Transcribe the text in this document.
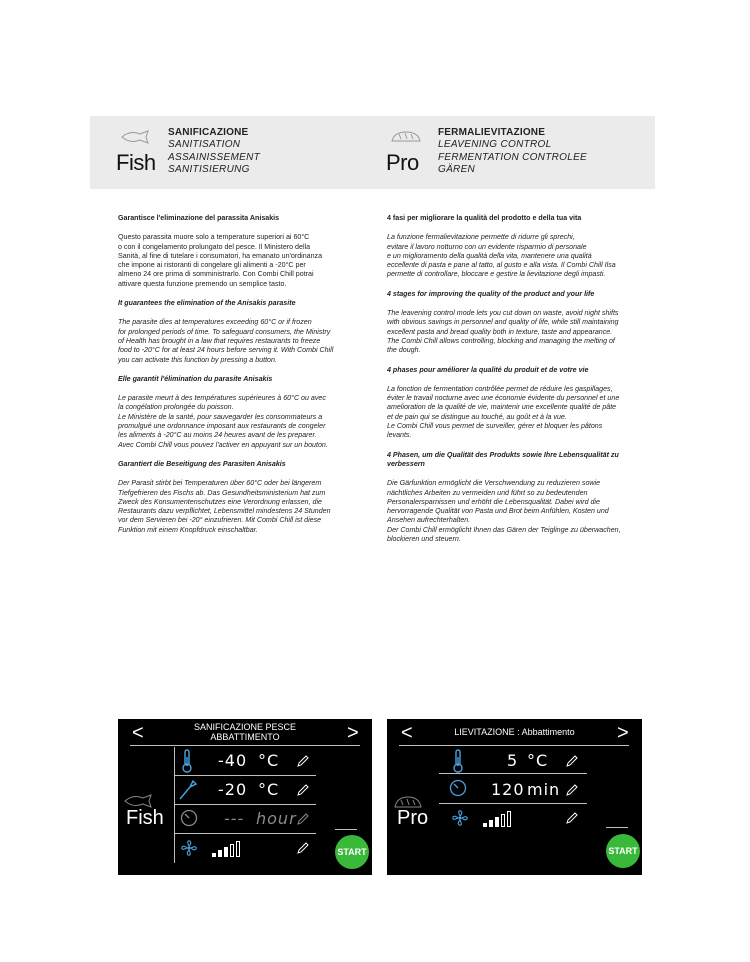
Fish
SANIFICAZIONE
SANITISATION
ASSAINISSEMENT
SANITISIERUNG	Pro
FERMALIEVITAZIONE
LEAVENING CONTROL
FERMENTATION CONTROLEE
GÄREN
Garantisce l'eliminazione del parassita Anisakis

Questo parassita muore solo a temperature superiori ai 60°C
o con il congelamento prolungato del pesce. Il Ministero della
Sanità, al fine di tutelare i consumatori, ha emanato un'ordinanza
che impone ai ristoranti di congelare gli alimenti a -20°C per
almeno 24 ore prima di somministrarlo. Con Combi Chill potrai
attivare questa funzione premendo un semplice tasto.

It guarantees the elimination of the Anisakis parasite

The parasite dies at temperatures exceeding 60°C or if frozen
for prolonged periods of time. To safeguard consumers, the Ministry
of Health has brought in a law that requires restaurants to freeze
food to -20°C for at least 24 hours before serving it. With Combi Chill
you can activate this function by pressing a button.

Elle garantit l'élimination du parasite Anisakis

Le parasite meurt à des températures supérieures à 60°C ou avec
la congélation prolongée du poisson.
Le Ministère de la santé, pour sauvegarder les consommateurs a
promulgué une ordonnance imposant aux restaurants de congeler
les aliments à -20°C au moins 24 heures avant de les preparer.
Avec Combi Chill vous pouvez l'activer en appuyant sur un bouton.

Garantiert die Beseitigung des Parasiten Anisakis

Der Parasit stirbt bei Temperaturen über 60°C oder bei längerem
Tiefgefrieren des Fischs ab. Das Gesundheitsministerium hat zum
Zweck des Konsumentenschutzes eine Verordnung erlassen, die
Restaurants dazu verpflichtet, Lebensmittel mindestens 24 Stunden
vor dem Servieren bei -20° einzufrieren. Mit Combi Chill ist diese
Funktion mit einem Knopfdruck einschaltbar.

4 fasi per migliorare la qualità del prodotto e della tua vita

La funzione fermalievitazione permette di ridurre gli sprechi,
evitare il lavoro notturno con un evidente risparmio di personale
e un miglioramento della qualità della vita, mantenere una qualità
eccellente di pasta e pane al tatto, al gusto e alla vista. Il Combi Chill Ilsa
permette di controllare, bloccare e gestire la lievitazione degli impasti.

4 stages for improving the quality of the product and your life

The leavening control mode lets you cut down on waste, avoid night shifts
with obvious savings in personnel and quality of life, while still maintaining
excellent pasta and bread quality both in texture, taste and appearance.
The Combi Chill allows controlling, blocking and managing the melting of
the dough.

4 phases pour améliorer la qualité du produit et de votre vie

La fonction de fermentation contrôlée permet de réduire les gaspillages,
éviter le travail nocturne avec une économie évidente du personnel et une
amelioration de la qualité de vie, maintenir une excellente qualité de pâte
et de pain qui se distingue au touché, au goût et à la vue.
Le Combi Chill vous permet de surveiller, gérer et bloquer les pâtons
levants.

4 Phasen, um die Qualität des Produkts sowie Ihre Lebensqualität zu
verbessern

Die Gärfunktion ermöglicht die Verschwendung zu reduzieren sowie
nächtliches Arbeiten zu vermeiden und führt so zu bedeutenden
Personalersparnissen und erhöht die Lebensqualität. Dabei wird die
hervorragende Qualität von Pasta und Brot beim Anfühlen, Kosten und
Ansehen aufrechterhalten.
Der Combi Chill ermöglicht Ihnen das Gären der Teiglinge zu überwachen,
blockieren und steuern.

SANIFICAZIONE PESCE
ABBATTIMENTO
<	>
-40 °C
-20 °C
--- hour
Fish
START
LIEVITAZIONE : Abbattimento
<	>
5 °C
120 min
Pro
START
